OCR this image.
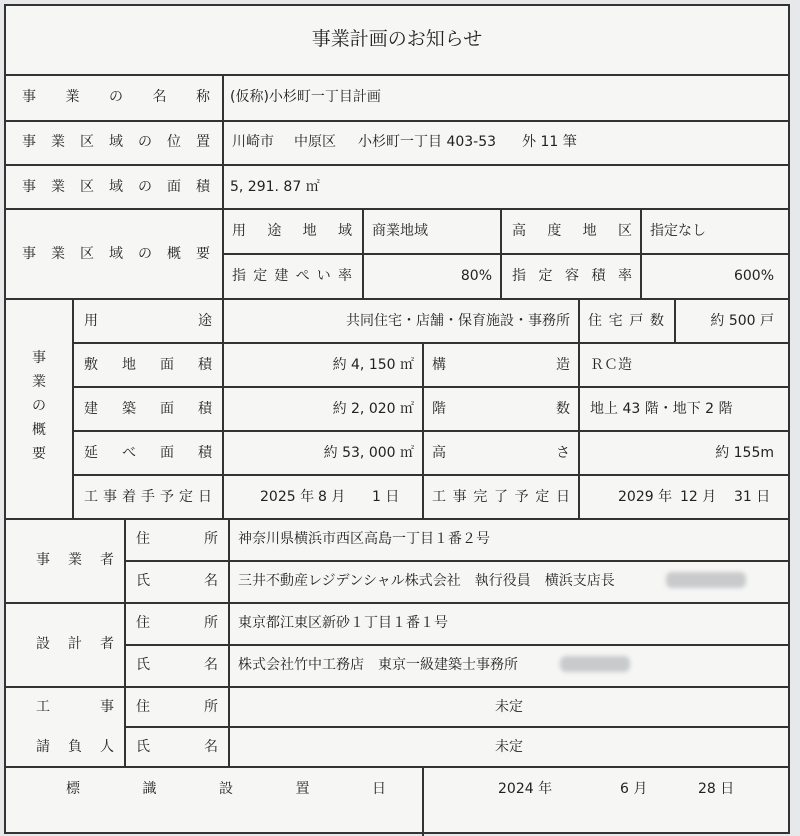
事業計画のお知らせ
事業の名称 (仮称)小杉町一丁目計画
事業区域の位置 川崎市 中原区 小杉町一丁目 403-53 外 11 筆
事業区域の面積 5, 291. 87 ㎡
事業区域の概要
用途地域 商業地域	高度地区 指定なし
指定建ぺい率	80% 指定容積率	600%
事業の概要
用途	共同住宅・店舗・保育施設・事務所 住宅戸数	約 500 戸
敷地面積	約 4, 150 ㎡ 構造 ＲＣ造
建築面積	約 2, 020 ㎡ 階数 地上 43 階・地下 2 階
延べ面積	約 53, 000 ㎡ 高さ	約 155m
工事着手予定日	2025 年 8 月 1 日 工事完了予定日	2029 年 12 月 31 日
事業者
住所 神奈川県横浜市西区高島一丁目１番２号
氏名 三井不動産レジデンシャル株式会社　執行役員　横浜支店長
設計者
住所 東京都江東区新砂１丁目１番１号
氏名 株式会社竹中工務店　東京一級建築士事務所
工事
請負人
住所	未定
氏名	未定
標識設置日	2024 年	6 月	28 日
